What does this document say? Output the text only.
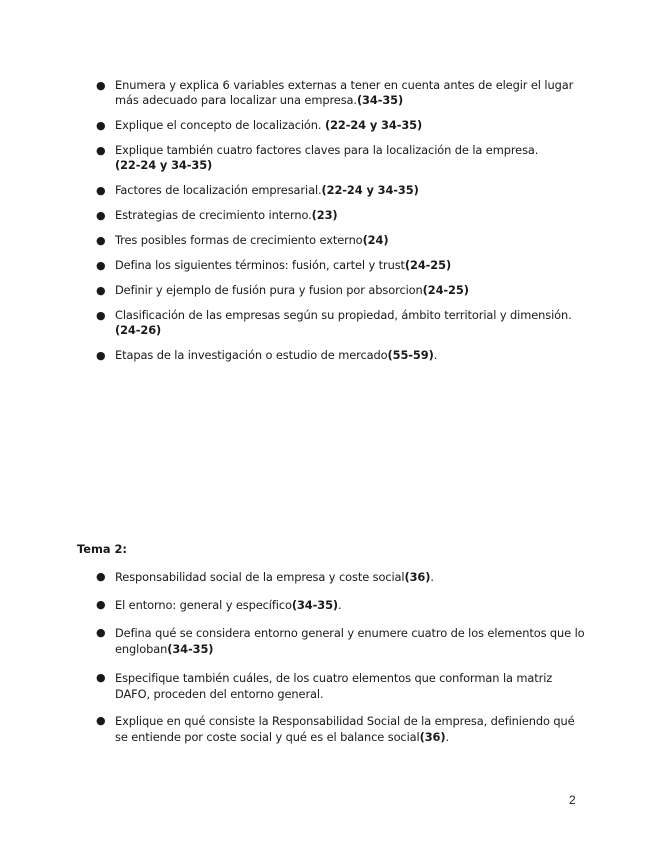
● Enumera y explica 6 variables externas a tener en cuenta antes de elegir el lugar más adecuado para localizar una empresa.(34-35)
● Explique el concepto de localización. (22-24 y 34-35)
● Explique también cuatro factores claves para la localización de la empresa.
(22-24 y 34-35)
● Factores de localización empresarial.(22-24 y 34-35)
● Estrategias de crecimiento interno.(23)
● Tres posibles formas de crecimiento externo(24)
● Defina los siguientes términos: fusión, cartel y trust(24-25)
● Definir y ejemplo de fusión pura y fusion por absorcion(24-25)
● Clasificación de las empresas según su propiedad, ámbito territorial y dimensión.(24-26)
● Etapas de la investigación o estudio de mercado(55-59).
Tema 2:
● Responsabilidad social de la empresa y coste social(36).
● El entorno: general y específico(34-35).
● Defina qué se considera entorno general y enumere cuatro de los elementos que lo engloban(34-35)
● Especifique también cuáles, de los cuatro elementos que conforman la matriz DAFO, proceden del entorno general.
● Explique en qué consiste la Responsabilidad Social de la empresa, definiendo qué se entiende por coste social y qué es el balance social(36).
2
